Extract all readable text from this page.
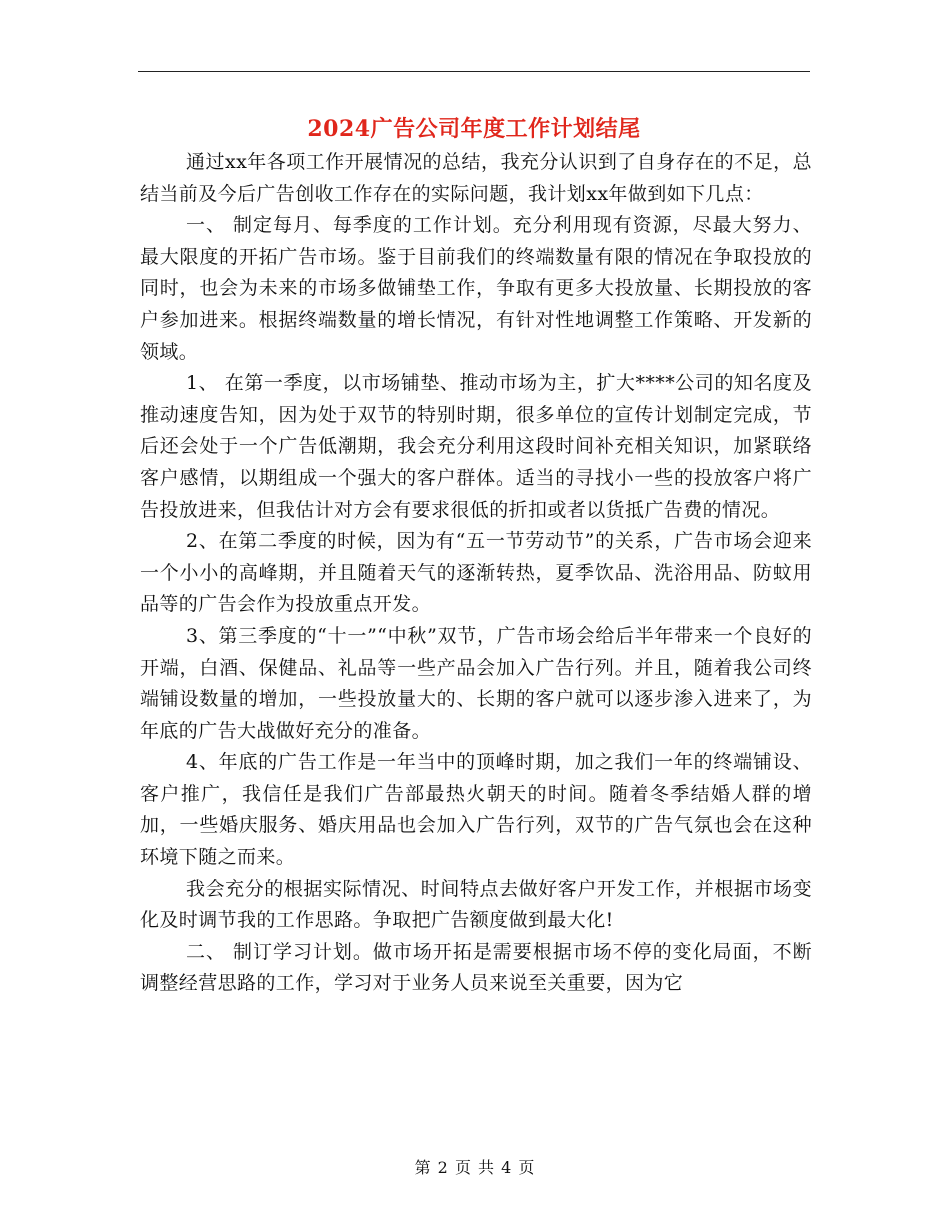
2024广告公司年度工作计划结尾

通过xx年各项工作开展情况的总结，我充分认识到了自身存在的不足，总结当前及今后广告创收工作存在的实际问题，我计划xx年做到如下几点：

一、 制定每月、每季度的工作计划。充分利用现有资源，尽最大努力、最大限度的开拓广告市场。鉴于目前我们的终端数量有限的情况在争取投放的同时，也会为未来的市场多做铺垫工作，争取有更多大投放量、长期投放的客户参加进来。根据终端数量的增长情况，有针对性地调整工作策略、开发新的领域。

1、 在第一季度，以市场铺垫、推动市场为主，扩大****公司的知名度及推动速度告知，因为处于双节的特别时期，很多单位的宣传计划制定完成，节后还会处于一个广告低潮期，我会充分利用这段时间补充相关知识，加紧联络客户感情，以期组成一个强大的客户群体。适当的寻找小一些的投放客户将广告投放进来，但我估计对方会有要求很低的折扣或者以货抵广告费的情况。

2、在第二季度的时候，因为有“五一节劳动节”的关系，广告市场会迎来一个小小的高峰期，并且随着天气的逐渐转热，夏季饮品、洗浴用品、防蚊用品等的广告会作为投放重点开发。

3、第三季度的“十一”“中秋”双节，广告市场会给后半年带来一个良好的开端，白酒、保健品、礼品等一些产品会加入广告行列。并且，随着我公司终端铺设数量的增加，一些投放量大的、长期的客户就可以逐步渗入进来了，为年底的广告大战做好充分的准备。

4、年底的广告工作是一年当中的顶峰时期，加之我们一年的终端铺设、客户推广，我信任是我们广告部最热火朝天的时间。随着冬季结婚人群的增加，一些婚庆服务、婚庆用品也会加入广告行列，双节的广告气氛也会在这种环境下随之而来。

我会充分的根据实际情况、时间特点去做好客户开发工作，并根据市场变化及时调节我的工作思路。争取把广告额度做到最大化!

二、 制订学习计划。做市场开拓是需要根据市场不停的变化局面，不断调整经营思路的工作，学习对于业务人员来说至关重要，因为它

第 2 页 共 4 页
